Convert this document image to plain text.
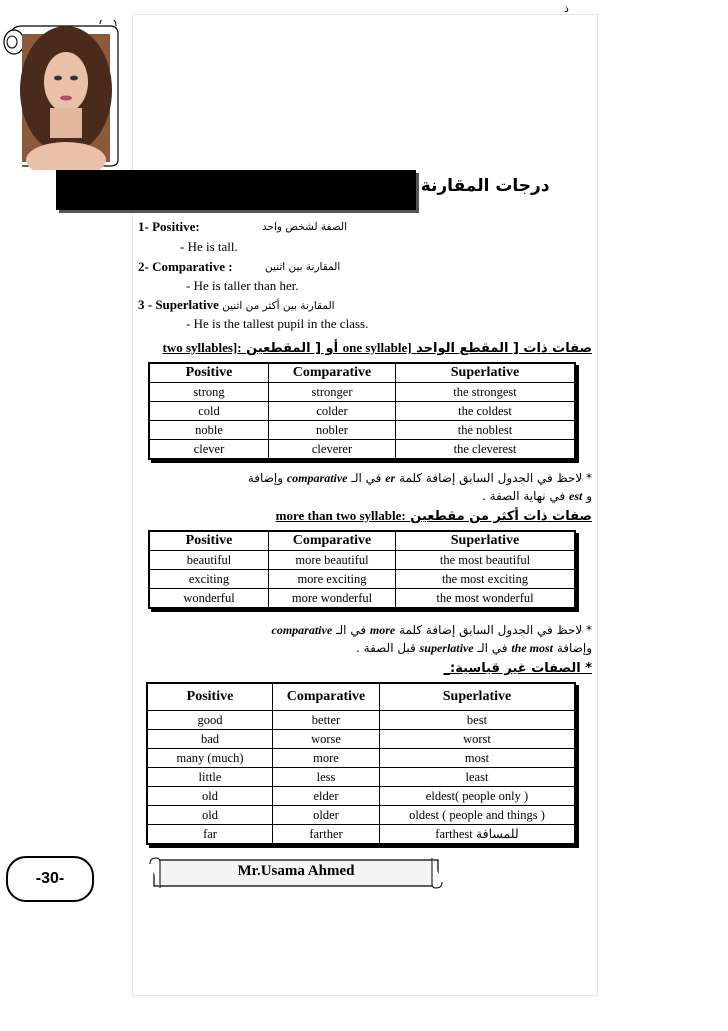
ذ
on: درجات المقارنة
1- Positive:	الصفة لشخص واحد
- He is tall.
2- Comparative :	المقارنة بين اثنين
- He is taller than her.
3 - Superlative المقارنة بين أكثر من اثنين
- He is the tallest pupil in the class.
صفات ذات [ المقطع الواحد one syllable] أو [ المقطعين two syllables]:
Positive	Comparative	Superlative
strong	stronger	the strongest
cold	colder	the coldest
noble	nobler	the noblest
clever	cleverer	the cleverest
* لاحظ في الجدول السابق إضافة كلمة er في الـ comparative وإضافة
و est في نهاية الصفة .
صفات ذات أكثر من مقطعين more than two syllable:
Positive	Comparative	Superlative
beautiful	more beautiful	the most beautiful
exciting	more exciting	the most exciting
wonderful	more wonderful	the most wonderful
* لاحظ في الجدول السابق إضافة كلمة more في الـ comparative
وإضافة the most في الـ superlative قبل الصفة .
* الصفات غير قياسية:_
Positive	Comparative	Superlative
good	better	best
bad	worse	worst
many (much)	more	most
little	less	least
old	elder	eldest( people only )
old	older	oldest ( people and things )
far	farther	farthest للمسافة
-30-	Mr.Usama Ahmed
